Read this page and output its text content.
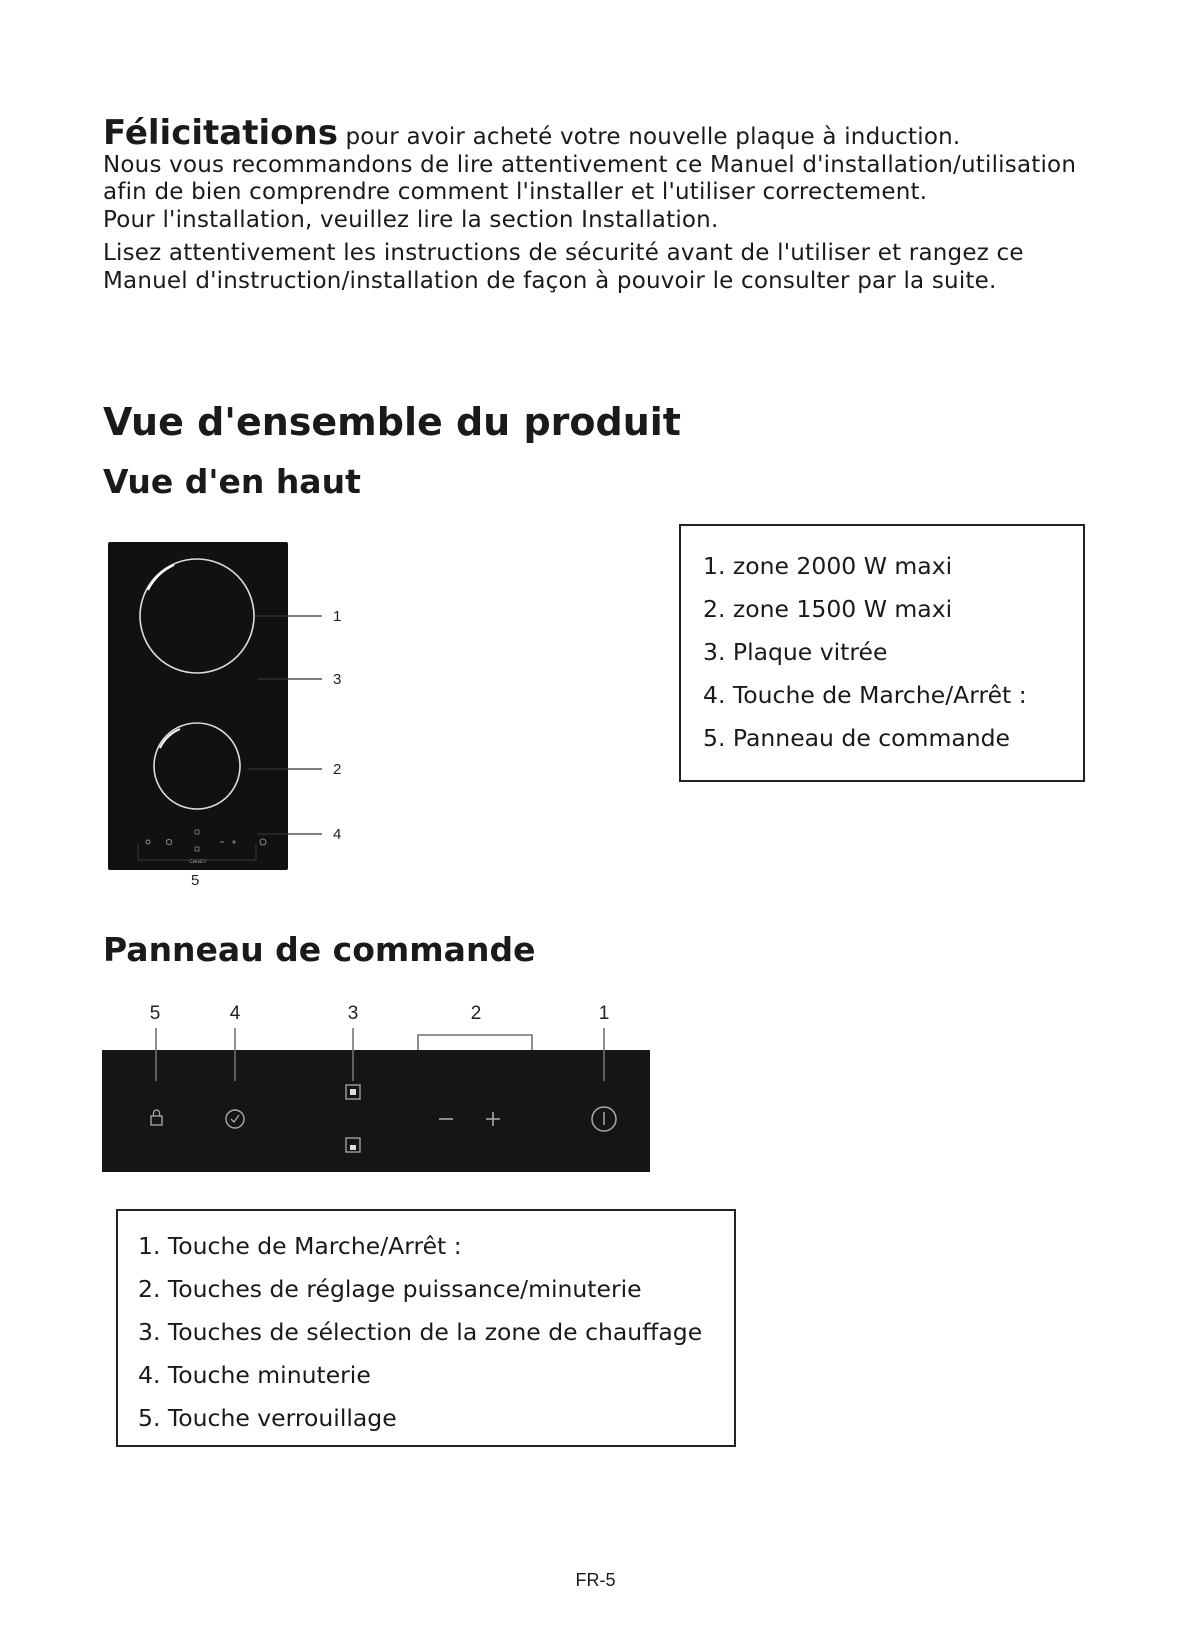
Félicitations pour avoir acheté votre nouvelle plaque à induction.

Nous vous recommandons de lire attentivement ce Manuel d'installation/utilisation afin de bien comprendre comment l'installer et l'utiliser correctement.

Pour l'installation, veuillez lire la section Installation.

Lisez attentivement les instructions de sécurité avant de l'utiliser et rangez ce Manuel d'instruction/installation de façon à pouvoir le consulter par la suite.

Vue d'ensemble du produit
Vue d'en haut
CANDY
1
3
2
4
5
1. zone 2000 W maxi
2. zone 1500 W maxi
3. Plaque vitrée
4. Touche de Marche/Arrêt :
5. Panneau de commande
Panneau de commande
5	4	3	2	1
1. Touche de Marche/Arrêt :
2. Touches de réglage puissance/minuterie
3. Touches de sélection de la zone de chauffage
4. Touche minuterie
5. Touche verrouillage
FR-5
